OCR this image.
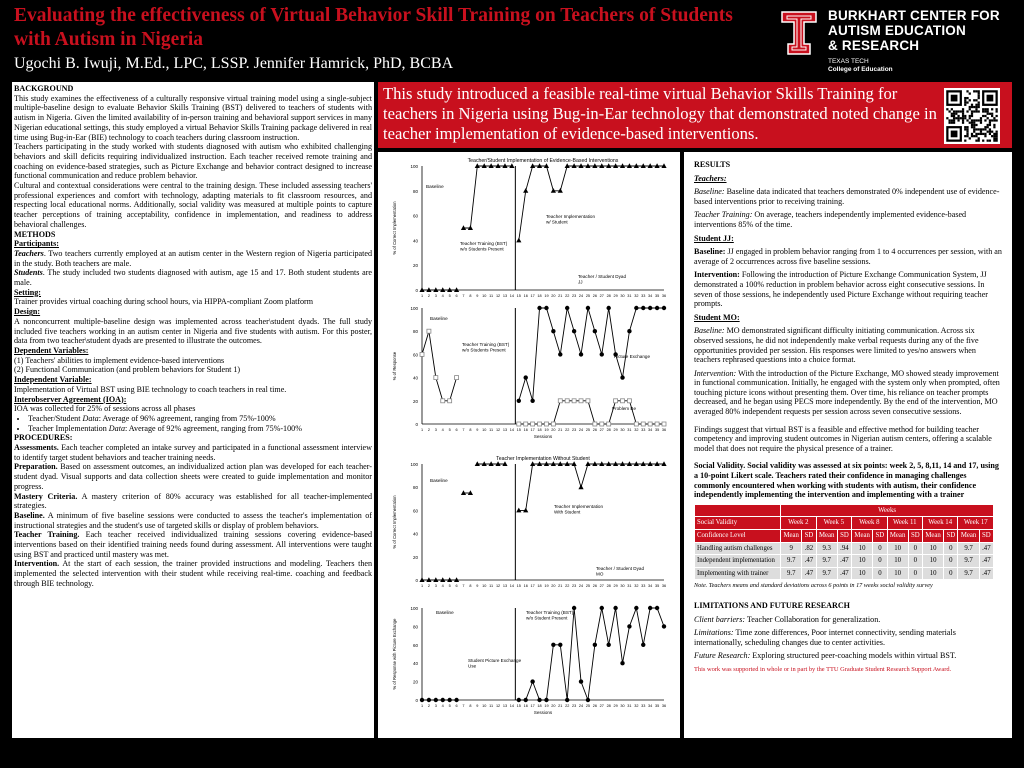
Evaluating the effectiveness of Virtual Behavior Skill Training on Teachers of Students with Autism in Nigeria
Ugochi B. Iwuji, M.Ed., LPC, LSSP. Jennifer Hamrick, PhD, BCBA
BURKHART CENTER FOR
AUTISM EDUCATION
& RESEARCH
TEXAS TECH
College of Education

BACKGROUND

This study examines the effectiveness of a culturally responsive virtual training model using a single-subject multiple-baseline design to evaluate Behavior Skills Training (BST) delivered to teachers of students with autism in Nigeria. Given the limited availability of in-person training and behavioral support services in many Nigerian educational settings, this study employed a virtual Behavior Skills Training package delivered in real time using Bug-in-Ear (BIE) technology to coach teachers during classroom instruction.

Teachers participating in the study worked with students diagnosed with autism who exhibited challenging behaviors and skill deficits requiring individualized instruction. Each teacher received remote training and coaching on evidence-based strategies, such as Picture Exchange and behavior contract designed to increase functional communication and reduce problem behavior.

Cultural and contextual considerations were central to the training design. These included assessing teachers' professional experiences and comfort with technology, adapting materials to fit classroom resources, and respecting local educational norms. Additionally, social validity was measured at multiple points to capture teacher perceptions of training acceptability, confidence in implementation, and readiness to address behavioral challenges.

METHODS

Participants:

Teachers. Two teachers currently employed at an autism center in the Western region of Nigeria participated in the study. Both teachers are male.

Students. The study included two students diagnosed with autism, age 15 and 17. Both student students are male.

Setting:

Trainer provides virtual coaching during school hours, via HIPPA-compliant Zoom platform

Design:

A nonconcurrent multiple-baseline design was implemented across teacher\student dyads. The full study included five teachers working in an autism center in Nigeria and five students with autism. For this poster, data from two teacher\student dyads are presented to illustrate the outcomes.

Dependent Variables:

(1) Teachers' abilities to implement evidence-based interventions

(2) Functional Communication (and problem behaviors for Student 1)

Independent Variable:

Implementation of Virtual BST using BIE technology to coach teachers in real time.

Interobserver Agreement (IOA):

IOA was collected for 25% of sessions across all phases

• Teacher/Student Data: Average of 96% agreement, ranging from 75%-100%
• Teacher Implementation Data: Average of 92% agreement, ranging from 75%-100%

PROCEDURES:

Assessments. Each teacher completed an intake survey and participated in a functional assessment interview to identify target student behaviors and teacher training needs.

Preparation. Based on assessment outcomes, an individualized action plan was developed for each teacher-student dyad. Visual supports and data collection sheets were created to guide implementation and monitor progress.

Mastery Criteria. A mastery criterion of 80% accuracy was established for all teacher-implemented strategies.

Baseline. A minimum of five baseline sessions were conducted to assess the teacher's implementation of instructional strategies and the student's use of targeted skills or display of problem behaviors.

Teacher Training. Each teacher received individualized training sessions covering evidence-based interventions based on their identified training needs found during assessment. All interventions were taught using BST and practiced until mastery was met.

Intervention. At the start of each session, the trainer provided instructions and modeling. Teachers then implemented the selected intervention with their student while receiving real-time. coaching and feedback through BIE technology.

This study introduced a feasible real-time virtual Behavior Skills Training for teachers in Nigeria using Bug-in-Ear technology that demonstrated noted change in teacher implementation of evidence-based interventions.
Teacher/Student Implementation of Evidence-Based Interventions
0
20
40
60
80
100
1 2 3 4 5 6 7 8 9 10 11 12 13 14 15 16 17 18 19 20 21 22 23 24 25 26 27 28 29 30 31 32 33 34 35 36
% of Correct Implementation
Baseline
Teacher Training (BST)
w/o Students Present
Teacher Implementation
w/ Student
Teacher / Student Dyad
JJ
0
20
40
60
80
100
1 2 3 4 5 6 7 8 9 10 11 12 13 14 15 16 17 18 19 20 21 22 23 24 25 26 27 28 29 30 31 32 33 34 35 36
% of Response
Sessions
Baseline
Teacher Training (BST)
w/o Students Present
Picture Exchange
Problem Be
Teacher Implementation Without Student
0
20
40
60
80
100
1 2 3 4 5 6 7 8 9 10 11 12 13 14 15 16 17 18 19 20 21 22 23 24 25 26 27 28 29 30 31 32 33 34 35 36
% of Correct Implementation
Baseline
Teacher Implementation
With Student
Teacher / Student Dyad
MO
0
20
40
60
80
100
1 2 3 4 5 6 7 8 9 10 11 12 13 14 15 16 17 18 19 20 21 22 23 24 25 26 27 28 29 30 31 32 33 34 35 36
% of Response with Picture Exchange
Sessions
Baseline	Teacher Training (BST)
w/o Student Present
Student Picture Exchange
Use

RESULTS

Teachers:

Baseline: Baseline data indicated that teachers demonstrated 0% independent use of evidence-based interventions prior to receiving training.

Teacher Training: On average, teachers independently implemented evidence-based interventions 85% of the time.

Student JJ:

Baseline: JJ engaged in problem behavior ranging from 1 to 4 occurrences per session, with an average of 2 occurrences across five baseline sessions.

Intervention: Following the introduction of Picture Exchange Communication System, JJ demonstrated a 100% reduction in problem behavior across eight consecutive sessions. In seven of those sessions, he independently used Picture Exchange without requiring teacher prompts.

Student MO:

Baseline: MO demonstrated significant difficulty initiating communication. Across six observed sessions, he did not independently make verbal requests during any of the five opportunities provided per session. His responses were limited to yes/no answers when teachers rephrased questions into a choice format.

Intervention: With the introduction of the Picture Exchange, MO showed steady improvement in functional communication. Initially, he engaged with the system only when prompted, often touching picture icons without presenting them. Over time, his reliance on teacher prompts decreased, and he began using PECS more independently. By the end of the intervention, MO averaged 80% independent requests per session across seven consecutive sessions.

Findings suggest that virtual BST is a feasible and effective method for building teacher competency and improving student outcomes in Nigerian autism centers, offering a scalable model that does not require the physical presence of a trainer.

Social Validity. Social validity was assessed at six points: week 2, 5, 8,11, 14 and 17, using a 10-point Likert scale. Teachers rated their confidence in managing challenges commonly encountered when working with students with autism, their confidence independently implementing the intervention and implementing with a trainer

	Weeks											
Social Validity	Week 2		Week 5		Week 8		Week 11		Week 14		Week 17	
Confidence Level	Mean	SD	Mean	SD	Mean	SD	Mean	SD	Mean	SD	Mean	SD
Handling autism challenges	9	.82	9.3	.94	10	0	10	0	10	0	9.7	.47
Independent implementation	9.7	.47	9.7	.47	10	0	10	0	10	0	9.7	.47
Implementing with trainer	9.7	.47	9.7	.47	10	0	10	0	10	0	9.7	.47
Note. Teachers means and standard deviations across 6 points in 17 weeks social validity survey

LIMITATIONS AND FUTURE RESEARCH

Client barriers: Teacher Collaboration for generalization.

Limitations: Time zone differences, Poor internet connectivity, sending materials internationally, scheduling changes due to center activities.

Future Research: Exploring structured peer-coaching models within virtual BST.

This work was supported in whole or in part by the TTU Graduate Student Research Support Award.
